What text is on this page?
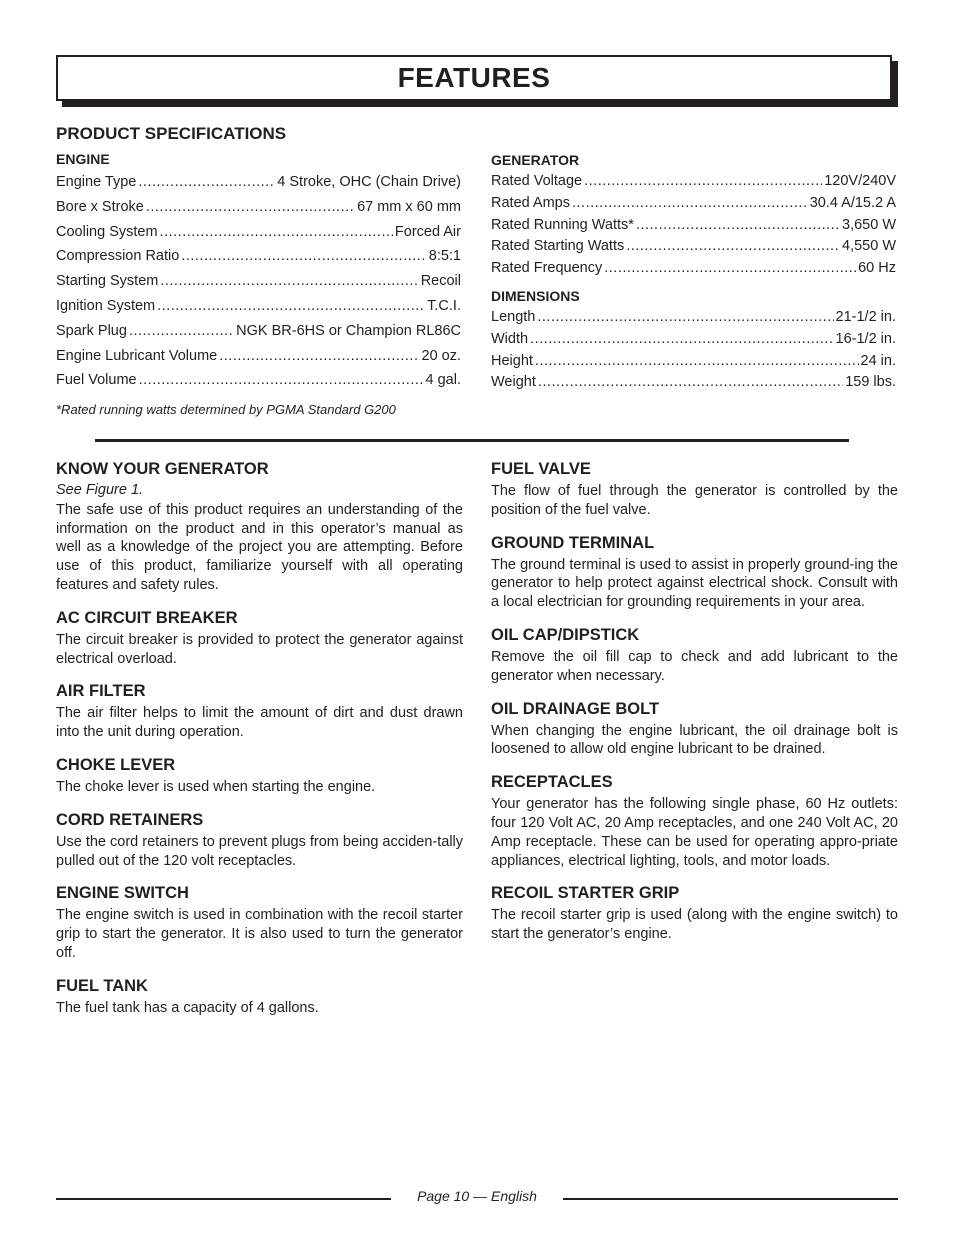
FEATURES
PRODUCT SPECIFICATIONS
ENGINE
Engine Type .....	4 Stroke, OHC (Chain Drive)
Bore x Stroke .....	67 mm x 60 mm
Cooling System .....	Forced Air
Compression Ratio .....	8:5:1
Starting System .....	Recoil
Ignition System .....	T.C.I.
Spark Plug .....	NGK BR-6HS or Champion RL86C
Engine Lubricant Volume .....	20 oz.
Fuel Volume .....	4 gal.
GENERATOR
Rated Voltage .....	120V/240V
Rated Amps .....	30.4 A/15.2 A
Rated Running Watts* .....	3,650 W
Rated Starting Watts .....	4,550 W
Rated Frequency .....	60 Hz
DIMENSIONS
Length .....	21-1/2 in.
Width .....	16-1/2 in.
Height .....	24 in.
Weight .....	159 lbs.
*Rated running watts determined by PGMA Standard G200
KNOW YOUR GENERATOR

See Figure 1.

The safe use of this product requires an understanding of the information on the product and in this operator’s manual as well as a knowledge of the project you are attempting. Before use of this product, familiarize yourself with all operating features and safety rules.

AC CIRCUIT BREAKER

The circuit breaker is provided to protect the generator against electrical overload.

AIR FILTER

The air filter helps to limit the amount of dirt and dust drawn into the unit during operation.

CHOKE LEVER

The choke lever is used when starting the engine.

CORD RETAINERS

Use the cord retainers to prevent plugs from being acciden-tally pulled out of the 120 volt receptacles.

ENGINE SWITCH

The engine switch is used in combination with the recoil starter grip to start the generator. It is also used to turn the generator off.

FUEL TANK

The fuel tank has a capacity of 4 gallons.

FUEL VALVE

The flow of fuel through the generator is controlled by the position of the fuel valve.

GROUND TERMINAL

The ground terminal is used to assist in properly ground-ing the generator to help protect against electrical shock. Consult with a local electrician for grounding requirements in your area.

OIL CAP/DIPSTICK

Remove the oil fill cap to check and add lubricant to the generator when necessary.

OIL DRAINAGE BOLT

When changing the engine lubricant, the oil drainage bolt is loosened to allow old engine lubricant to be drained.

RECEPTACLES

Your generator has the following single phase, 60 Hz outlets: four 120 Volt AC, 20 Amp receptacles, and one 240 Volt AC, 20 Amp receptacle. These can be used for operating appro-priate appliances, electrical lighting, tools, and motor loads.

RECOIL STARTER GRIP

The recoil starter grip is used (along with the engine switch) to start the generator’s engine.

Page 10 — English
